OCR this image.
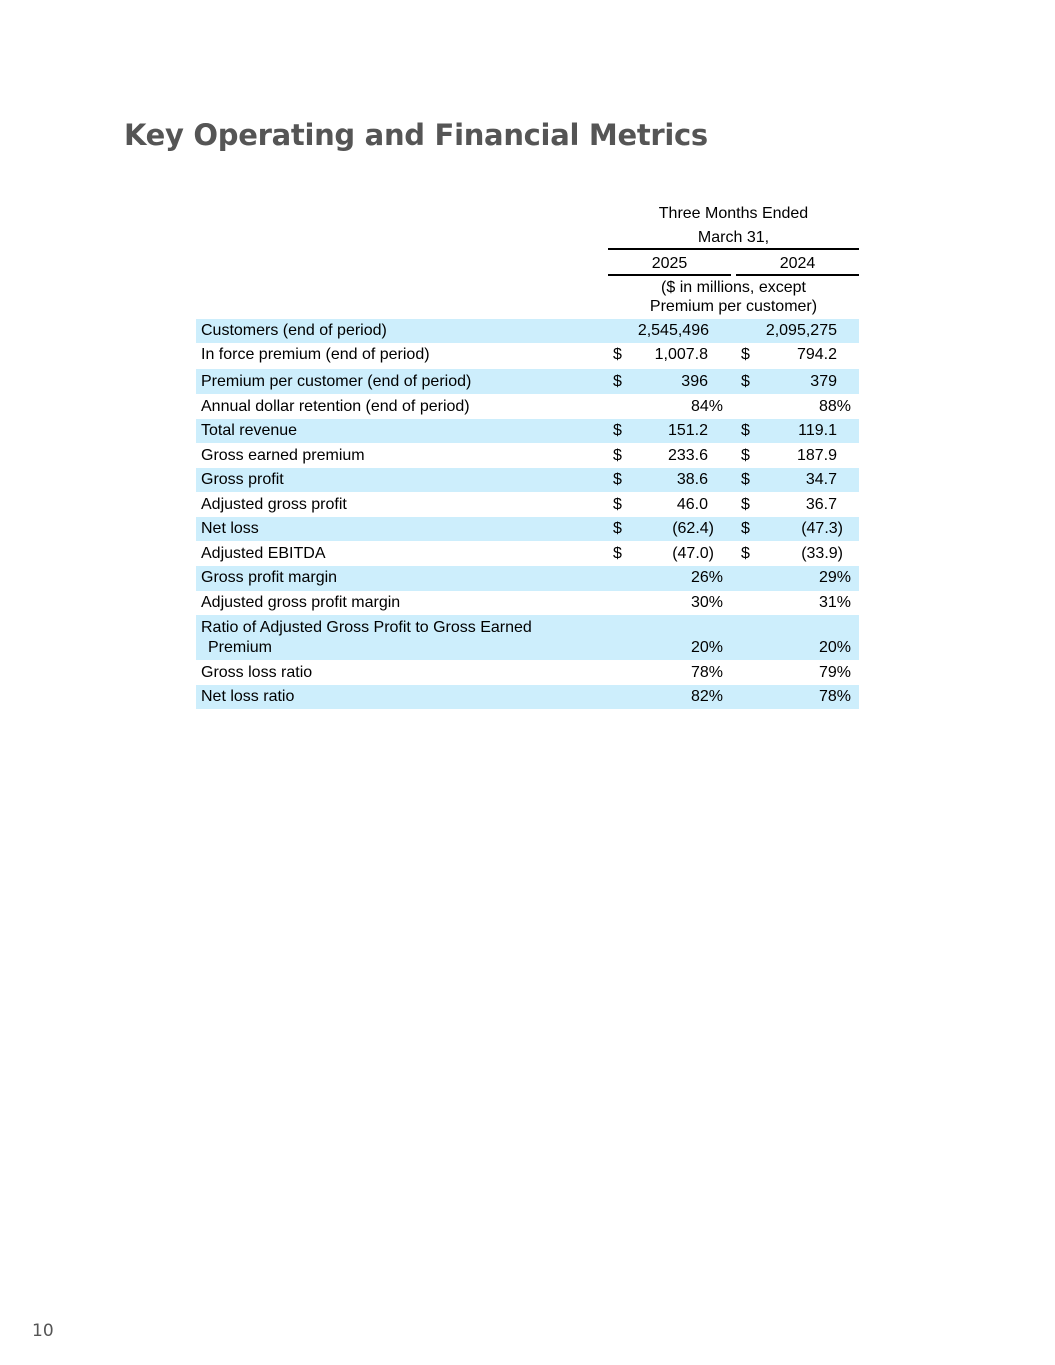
Key Operating and Financial Metrics
Three Months Ended
March 31,
2025	2024
($ in millions, except
Premium per customer)
Customers (end of period)	2,545,496	2,095,275
In force premium (end of period)	$ 1,007.8 $	794.2
Premium per customer (end of period)	$	396 $	379
Annual dollar retention (end of period)	84%	88%
Total revenue	$	151.2 $	119.1
Gross earned premium	$	233.6 $	187.9
Gross profit	$	38.6 $	34.7
Adjusted gross profit	$	46.0 $	36.7
Net loss	$	(62.4) $	(47.3)
Adjusted EBITDA	$	(47.0) $	(33.9)
Gross profit margin	26%	29%
Adjusted gross profit margin	30%	31%
Ratio of Adjusted Gross Profit to Gross Earned
Premium	20%	20%
Gross loss ratio	78%	79%
Net loss ratio	82%	78%
10
